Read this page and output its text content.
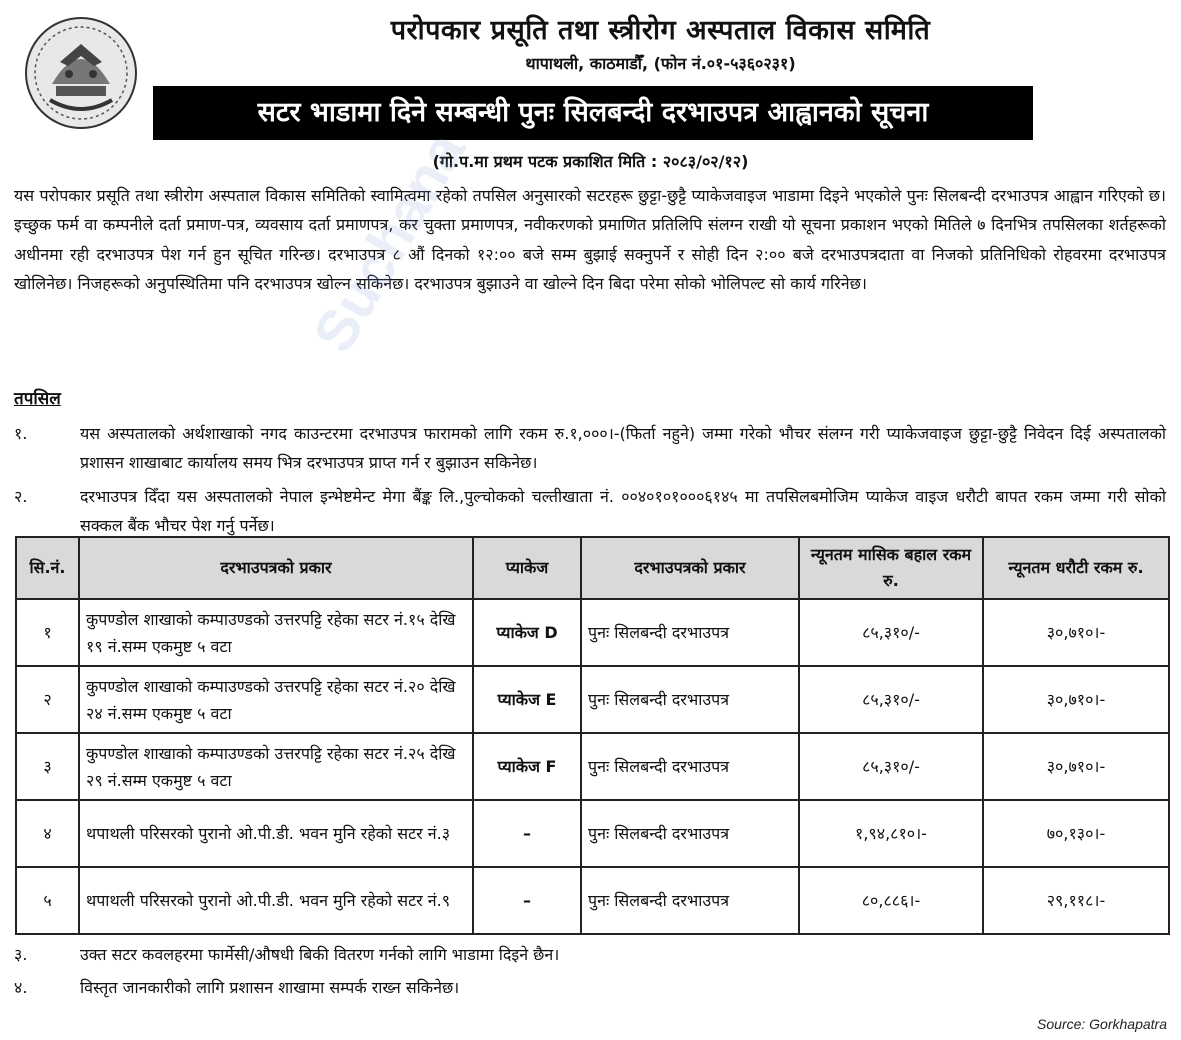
परोपकार प्रसूति तथा स्त्रीरोग अस्पताल विकास समिति
थापाथली, काठमाडौँ, (फोन नं.०१-५३६०२३१)
सटर भाडामा दिने सम्बन्धी पुनः सिलबन्दी दरभाउपत्र आह्वानको सूचना
(गो.प.मा प्रथम पटक प्रकाशित मिति : २०८३/०२/१२)
यस परोपकार प्रसूति तथा स्त्रीरोग अस्पताल विकास समितिको स्वामित्वमा रहेको तपसिल अनुसारको सटरहरू छुट्टा-छुट्टै प्याकेजवाइज भाडामा दिइने भएकोले पुनः सिलबन्दी दरभाउपत्र आह्वान गरिएको छ। इच्छुक फर्म वा कम्पनीले दर्ता प्रमाण-पत्र, व्यवसाय दर्ता प्रमाणपत्र, कर चुक्ता प्रमाणपत्र, नवीकरणको प्रमाणित प्रतिलिपि संलग्न राखी यो सूचना प्रकाशन भएको मितिले ७ दिनभित्र तपसिलका शर्तहरूको अधीनमा रही दरभाउपत्र पेश गर्न हुन सूचित गरिन्छ। दरभाउपत्र ८ औं दिनको १२:०० बजे सम्म बुझाई सक्नुपर्ने र सोही दिन २:०० बजे दरभाउपत्रदाता वा निजको प्रतिनिधिको रोहवरमा दरभाउपत्र खोलिनेछ। निजहरूको अनुपस्थितिमा पनि दरभाउपत्र खोल्न सकिनेछ। दरभाउपत्र बुझाउने वा खोल्ने दिन बिदा परेमा सोको भोलिपल्ट सो कार्य गरिनेछ।
तपसिल
१.	यस अस्पतालको अर्थशाखाको नगद काउन्टरमा दरभाउपत्र फारामको लागि रकम रु.१,०००।-(फिर्ता नहुने) जम्मा गरेको भौचर संलग्न गरी प्याकेजवाइज छुट्टा-छुट्टै निवेदन दिई अस्पतालको प्रशासन शाखाबाट कार्यालय समय भित्र दरभाउपत्र प्राप्त गर्न र बुझाउन सकिनेछ।
२.	दरभाउपत्र दिँदा यस अस्पतालको नेपाल इन्भेष्टमेन्ट मेगा बैंङ्क लि.,पुल्चोकको चल्तीखाता नं. ००४०१०१०००६१४५ मा तपसिलबमोजिम प्याकेज वाइज धरौटी बापत रकम जम्मा गरी सोको सक्कल बैंक भौचर पेश गर्नु पर्नेछ।
सि.नं.	दरभाउपत्रको प्रकार	प्याकेज	दरभाउपत्रको प्रकार	न्यूनतम मासिक बहाल रकम रु.	न्यूनतम धरौटी रकम रु.
१	कुपण्डोल शाखाको कम्पाउण्डको उत्तरपट्टि रहेका सटर नं.१५ देखि १९ नं.सम्म एकमुष्ट ५ वटा	प्याकेज D	पुनः सिलबन्दी दरभाउपत्र	८५,३१०/-	३०,७१०।-
२	कुपण्डोल शाखाको कम्पाउण्डको उत्तरपट्टि रहेका सटर नं.२० देखि २४ नं.सम्म एकमुष्ट ५ वटा	प्याकेज E	पुनः सिलबन्दी दरभाउपत्र	८५,३१०/-	३०,७१०।-
३	कुपण्डोल शाखाको कम्पाउण्डको उत्तरपट्टि रहेका सटर नं.२५ देखि २९ नं.सम्म एकमुष्ट ५ वटा	प्याकेज F	पुनः सिलबन्दी दरभाउपत्र	८५,३१०/-	३०,७१०।-
४	थपाथली परिसरको पुरानो ओ.पी.डी. भवन मुनि रहेको सटर नं.३	–	पुनः सिलबन्दी दरभाउपत्र	१,९४,८१०।-	७०,१३०।-
५	थपाथली परिसरको पुरानो ओ.पी.डी. भवन मुनि रहेको सटर नं.९	–	पुनः सिलबन्दी दरभाउपत्र	८०,८८६।-	२९,११८।-
३.	उक्त सटर कवलहरमा फार्मेसी/औषधी बिकी वितरण गर्नको लागि भाडामा दिइने छैन।
४.	विस्तृत जानकारीको लागि प्रशासन शाखामा सम्पर्क राख्न सकिनेछ।
Suchana
Source: Gorkhapatra
